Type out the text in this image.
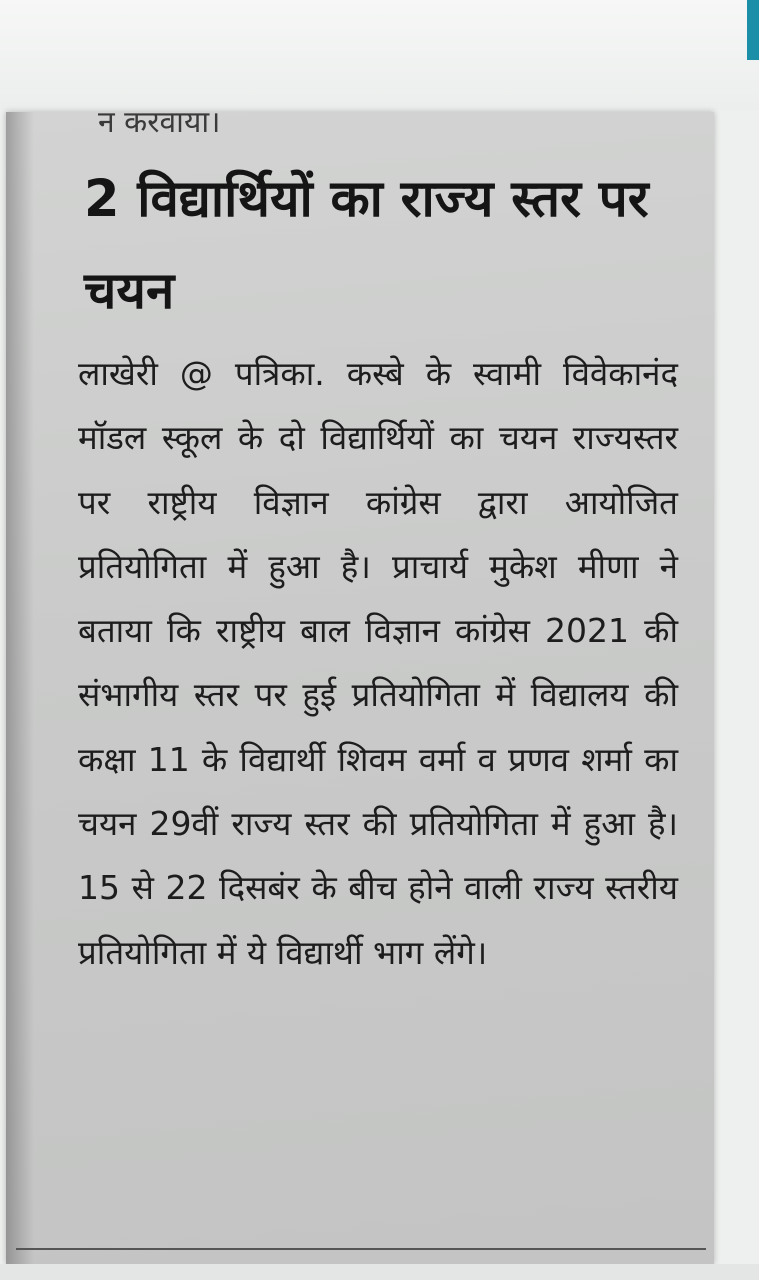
न करवाया।
2 विद्यार्थियों का राज्य स्तर पर चयन

लाखेरी @ पत्रिका. कस्बे के स्वामी विवेकानंद मॉडल स्कूल के दो विद्यार्थियों का चयन राज्यस्तर पर राष्ट्रीय विज्ञान कांग्रेस द्वारा आयोजित प्रतियोगिता में हुआ है। प्राचार्य मुकेश मीणा ने बताया कि राष्ट्रीय बाल विज्ञान कांग्रेस 2021 की संभागीय स्तर पर हुई प्रतियोगिता में विद्यालय की कक्षा 11 के विद्यार्थी शिवम वर्मा व प्रणव शर्मा का चयन 29वीं राज्य स्तर की प्रतियोगिता में हुआ है। 15 से 22 दिसबंर के बीच होने वाली राज्य स्तरीय प्रतियोगिता में ये विद्यार्थी भाग लेंगे।
